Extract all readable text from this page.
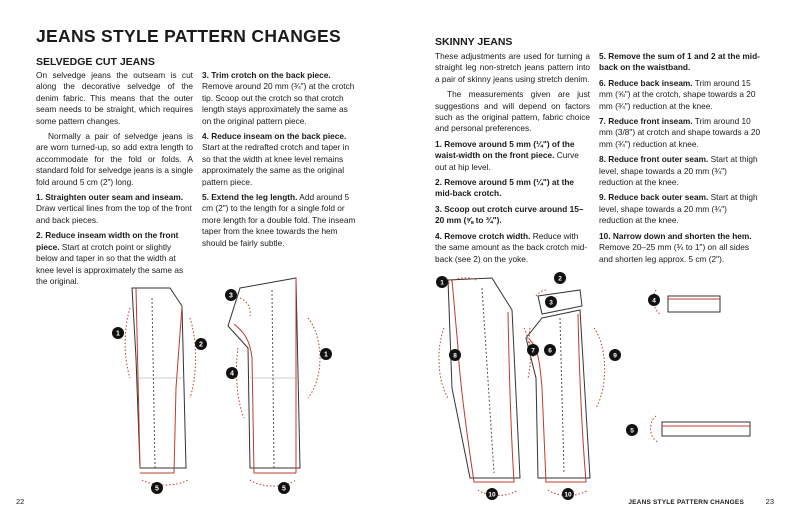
JEANS STYLE PATTERN CHANGES
SELVEDGE CUT JEANS

On selvedge jeans the outseam is cut along the decorative selvedge of the denim fabric. This means that the outer seam needs to be straight, which requires some pattern changes.

Normally a pair of selvedge jeans is are worn turned-up, so add extra length to accommodate for the fold or folds. A standard fold for selvedge jeans is a single fold around 5 cm (2") long.

1. Straighten outer seam and inseam. Draw vertical lines from the top of the front and back pieces.

2. Reduce inseam width on the front piece. Start at crotch point or slightly below and taper in so that the width at knee level is approximately the same as the original.

3. Trim crotch on the back piece. Remove around 20 mm (¾") at the crotch tip. Scoop out the crotch so that crotch length stays approximately the same as on the original pattern piece.

4. Reduce inseam on the back piece. Start at the redrafted crotch and taper in so that the width at knee level remains approximately the same as the original pattern piece.

5. Extend the leg length. Add around 5 cm (2") to the length for a single fold or more length for a double fold. The inseam taper from the knee towards the hem should be fairly subtle.

1
2
5
3
4
1
5
22
SKINNY JEANS

These adjustments are used for turning a straight leg non-stretch jeans pattern into a pair of skinny jeans using stretch denim.

The measurements given are just suggestions and will depend on factors such as the original pattern, fabric choice and personal preferences.

1. Remove around 5 mm (¼") of the waist-width on the front piece. Curve out at hip level.

2. Remove around 5 mm (¼") at the mid-back crotch.

3. Scoop out crotch curve around 15–20 mm (⅝ to ¾").

4. Remove crotch width. Reduce with the same amount as the back crotch mid-back (see 2) on the yoke.

5. Remove the sum of 1 and 2 at the mid-back on the waistband.

6. Reduce back inseam. Trim around 15 mm (⅝") at the crotch, shape towards a 20 mm (¾") reduction at the knee.

7. Reduce front inseam. Trim around 10 mm (3/8") at crotch and shape towards a 20 mm (¾") reduction at knee.

8. Reduce front outer seam. Start at thigh level, shape towards a 20 mm (¾") reduction at the knee.

9. Reduce back outer seam. Start at thigh level, shape towards a 20 mm (¾") reduction at the knee.

10. Narrow down and shorten the hem. Remove 20–25 mm (¾ to 1") on all sides and shorten leg approx. 5 cm (2").

1
8
10
2
3
7 6
9
10
4
5
JEANS STYLE PATTERN CHANGES	23
